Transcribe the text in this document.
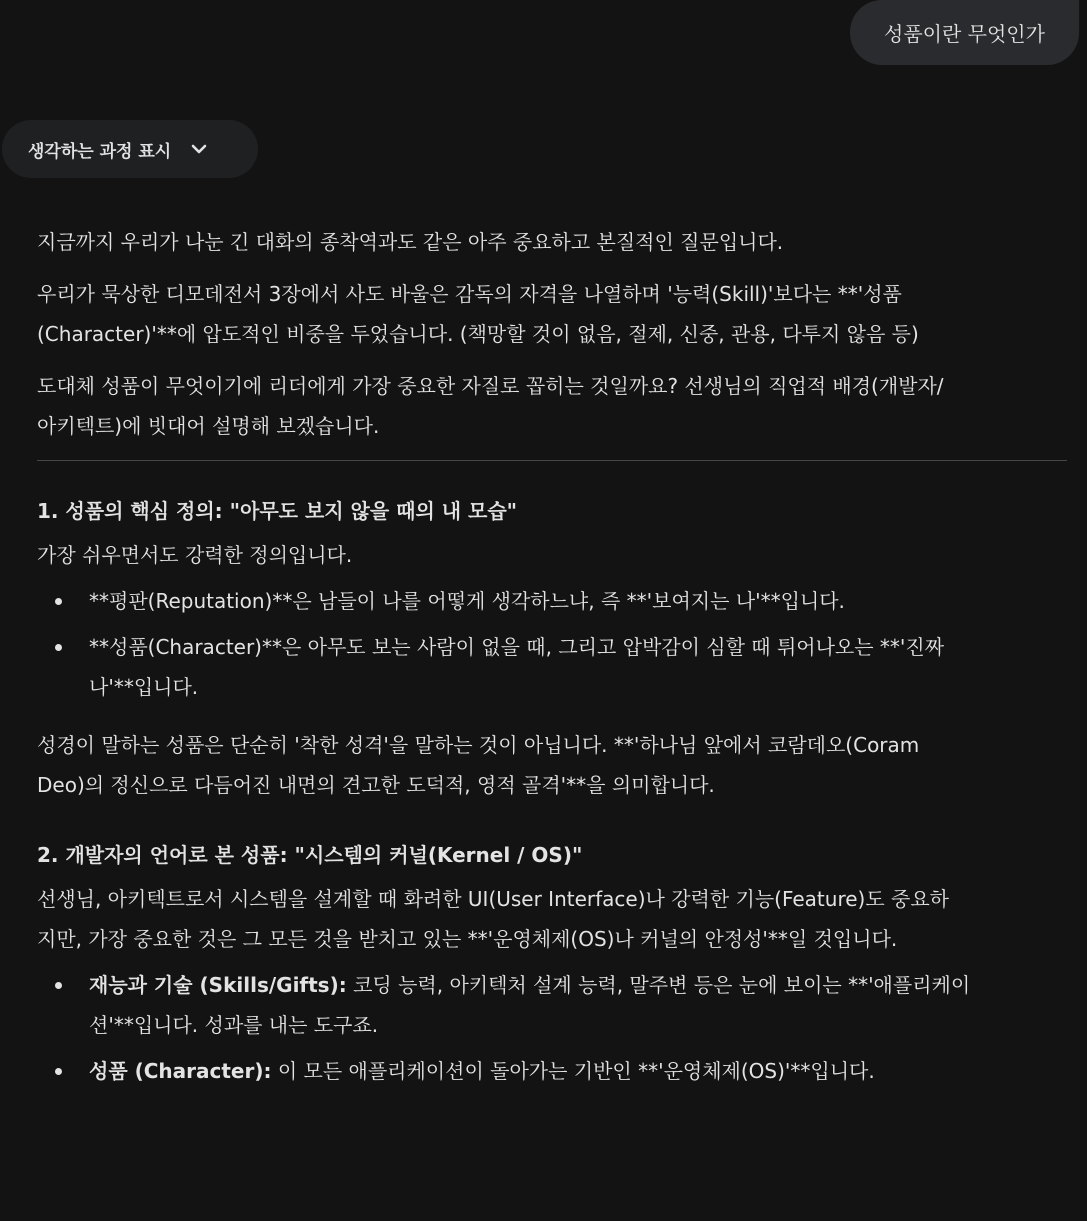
성품이란 무엇인가
생각하는 과정 표시

지금까지 우리가 나눈 긴 대화의 종착역과도 같은 아주 중요하고 본질적인 질문입니다.

우리가 묵상한 디모데전서 3장에서 사도 바울은 감독의 자격을 나열하며 '능력(Skill)'보다는 **'성품
(Character)'**에 압도적인 비중을 두었습니다. (책망할 것이 없음, 절제, 신중, 관용, 다투지 않음 등)

도대체 성품이 무엇이기에 리더에게 가장 중요한 자질로 꼽히는 것일까요? 선생님의 직업적 배경(개발자/
아키텍트)에 빗대어 설명해 보겠습니다.

1. 성품의 핵심 정의: "아무도 보지 않을 때의 내 모습"

가장 쉬우면서도 강력한 정의입니다.

**평판(Reputation)**은 남들이 나를 어떻게 생각하느냐, 즉 **'보여지는 나'**입니다.
**성품(Character)**은 아무도 보는 사람이 없을 때, 그리고 압박감이 심할 때 튀어나오는 **'진짜
나'**입니다.

성경이 말하는 성품은 단순히 '착한 성격'을 말하는 것이 아닙니다. **'하나님 앞에서 코람데오(Coram
Deo)의 정신으로 다듬어진 내면의 견고한 도덕적, 영적 골격'**을 의미합니다.

2. 개발자의 언어로 본 성품: "시스템의 커널(Kernel / OS)"

선생님, 아키텍트로서 시스템을 설계할 때 화려한 UI(User Interface)나 강력한 기능(Feature)도 중요하
지만, 가장 중요한 것은 그 모든 것을 받치고 있는 **'운영체제(OS)나 커널의 안정성'**일 것입니다.

재능과 기술 (Skills/Gifts): 코딩 능력, 아키텍처 설계 능력, 말주변 등은 눈에 보이는 **'애플리케이
션'**입니다. 성과를 내는 도구죠.
성품 (Character): 이 모든 애플리케이션이 돌아가는 기반인 **'운영체제(OS)'**입니다.
